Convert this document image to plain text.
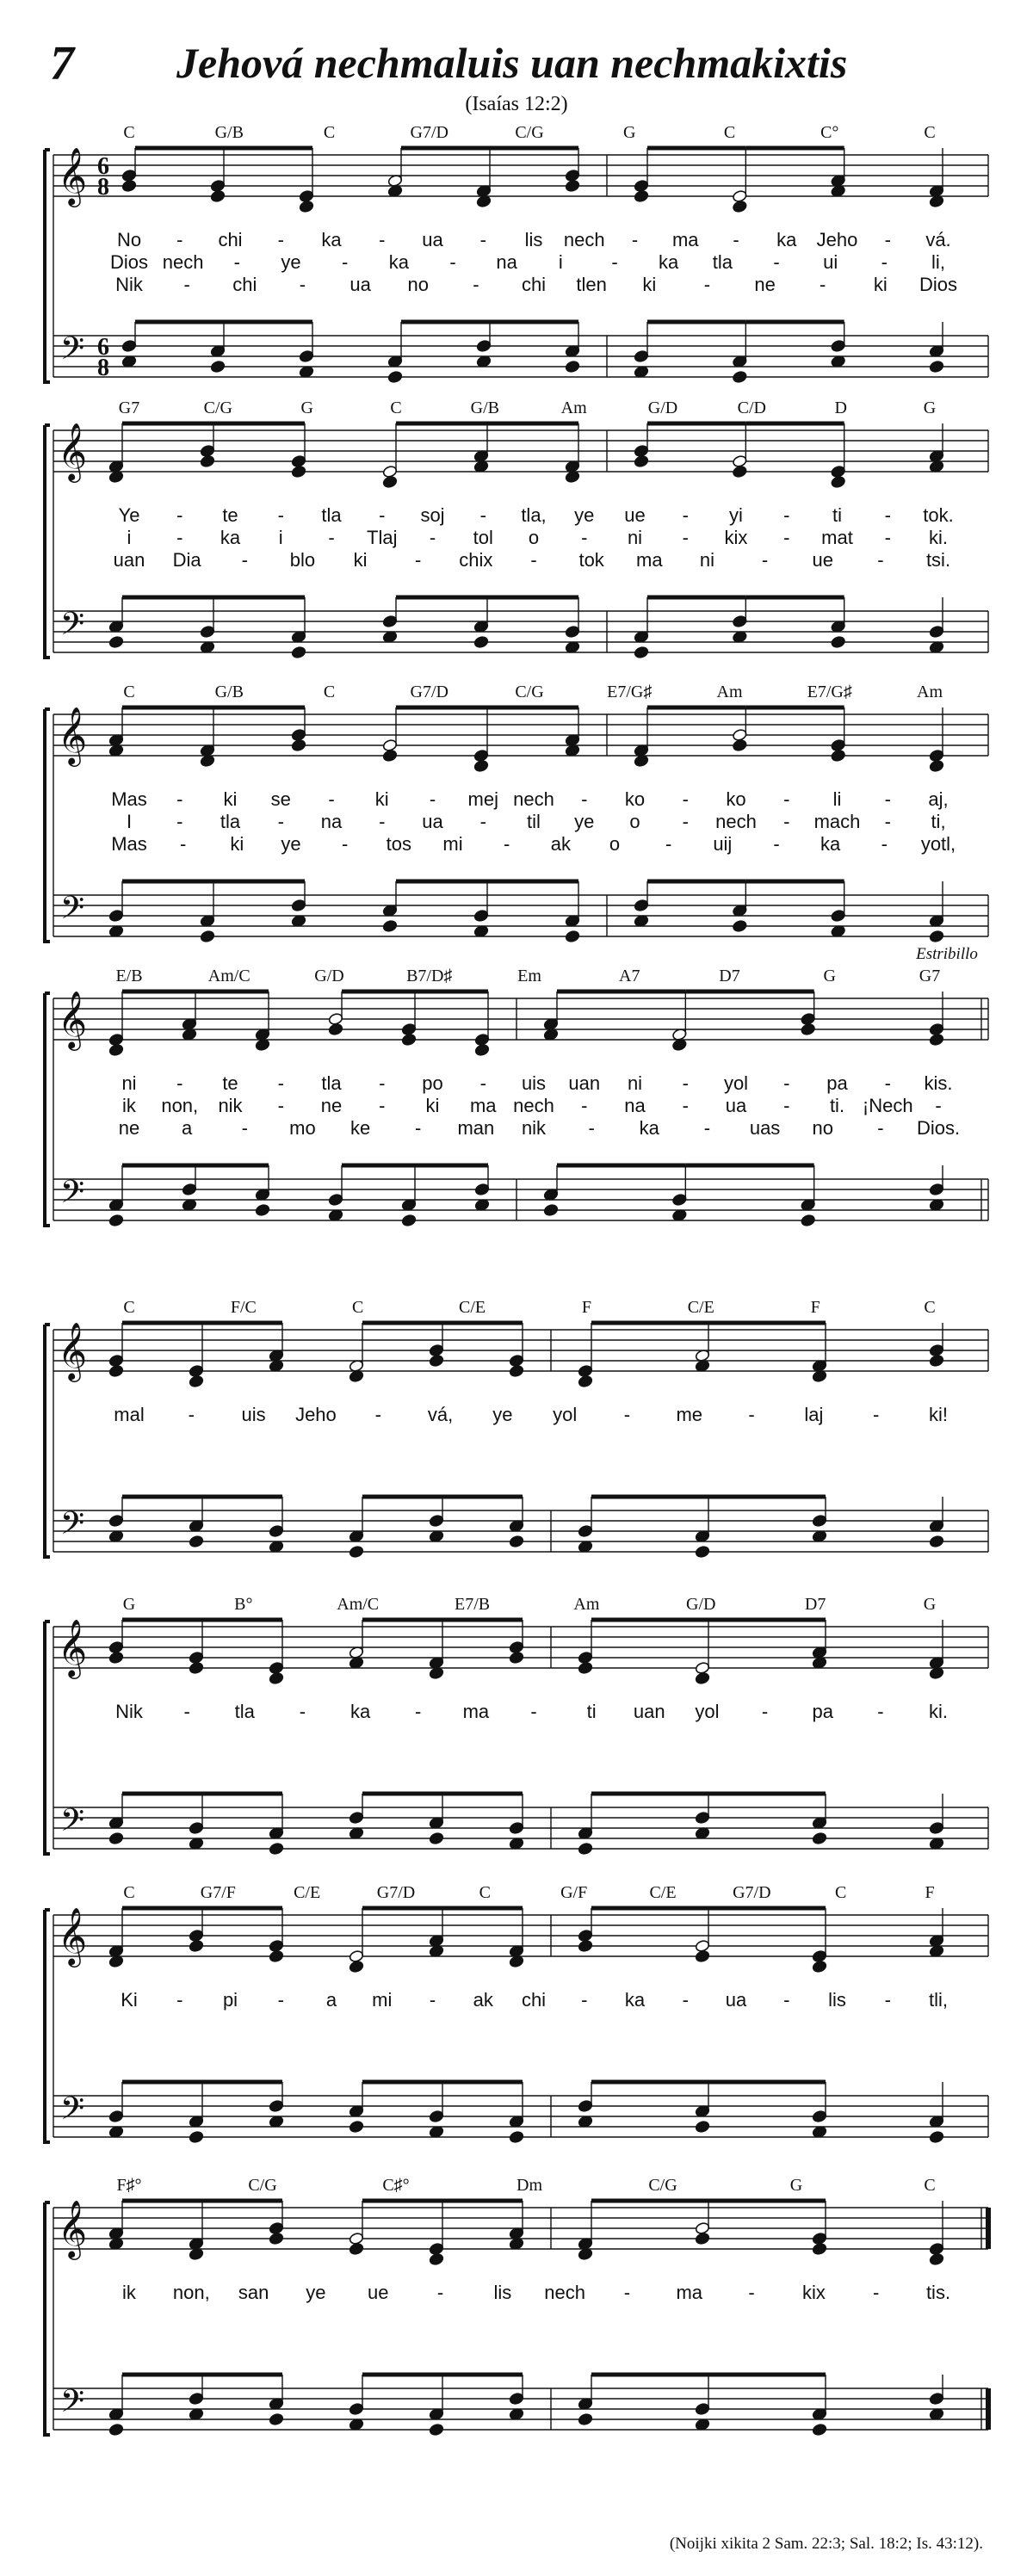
7 Jehová nechmaluis uan nechmakixtis
(Isaías 12:2)
C	G/B	C	G7/D	C/G	G	C	C°	C
𝄞
𝄢
6
8
6
8
No - chi - ka - ua - lis nech - ma - ka Jeho - vá.
Dios nech - ye - ka - na i	- ka tla - ui - li,
Nik - chi - ua no - chi tlen ki	- ne -	ki Dios
G7	C/G	G	C	G/B	Am	G/D	C/D	D	G
𝄞
𝄢
Ye - te - tla - soj - tla, ye ue - yi - ti - tok.
i - ka i - Tlaj - tol o - ni - kix - mat - ki.
uan Dia - blo ki	- chix - tok ma ni - ue - tsi.
C	G/B	C	G7/D	C/G	E7/G♯	Am	E7/G♯	Am
𝄞
𝄢
Mas - ki se - ki - mej nech - ko - ko - li - aj,
I - tla - na - ua - til ye o - nech - mach - ti,
Mas - ki ye - tos mi - ak o - uij - ka - yotl,
E/B	Am/C	G/D	B7/D♯	Em	A7	D7	G	G7
Estribillo
𝄞
𝄢
ni - te - tla - po - uis uan ni - yol - pa - kis.
ik non, nik - ne - ki ma nech - na - ua - ti. ¡Nech -
ne a	- mo ke - man nik - ka - uas no - Dios.
C	F/C	C	C/E	F	C/E	F	C
𝄞
𝄢
mal - uis Jeho - vá, ye yol - me -	laj	-	ki!
G	B°	Am/C	E7/B	Am	G/D	D7	G
𝄞
𝄢
Nik - tla - ka - ma -	ti uan yol - pa - ki.
C	G7/F	C/E	G7/D	C	G/F	C/E	G7/D	C	F
𝄞
𝄢
Ki - pi - a mi - ak chi - ka - ua - lis - tli,
F♯°	C/G	C♯°	Dm	C/G	G	C
𝄞
𝄢
ik non, san ye ue	-	lis nech - ma -	kix	- tis.
(Noijki xikita 2 Sam. 22:3; Sal. 18:2; Is. 43:12).
